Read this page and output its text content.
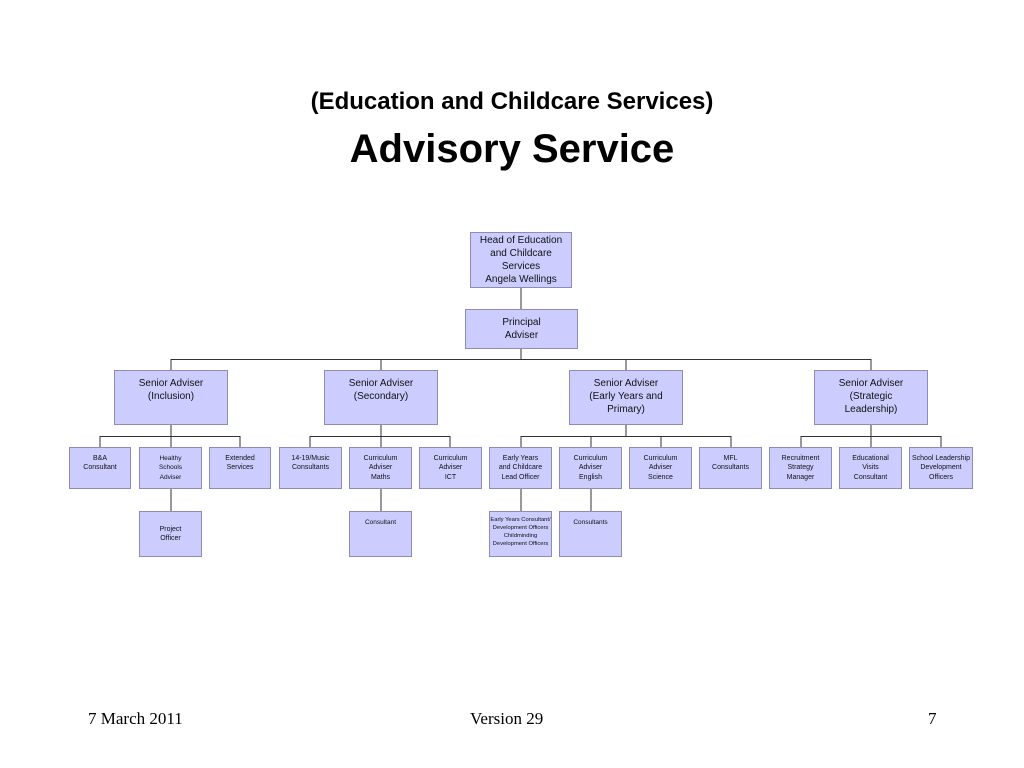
(Education and Childcare Services)
Advisory Service
Head of Education
and Childcare Services
Angela Wellings
Principal
Adviser
Senior Adviser
(Inclusion)
Senior Adviser
(Secondary)
Senior Adviser
(Early Years and Primary)
Senior Adviser
(Strategic
Leadership)
B&A
Consultant
Healthy
Schools
Adviser
Extended
Services
14-19/Music
Consultants
Curriculum
Adviser
Maths
Curriculum
Adviser
ICT
Early Years
and Childcare
Lead Officer
Curriculum
Adviser
English
Curriculum
Adviser
Science
MFL
Consultants
Recruitment
Strategy
Manager
Educational
Visits
Consultant
School Leadership
Development
Officers
Project
Officer
Consultant	Early Years Consultant/
Development Officers
Childminding
Development Officers
Consultants
7 March 2011	Version 29	7
